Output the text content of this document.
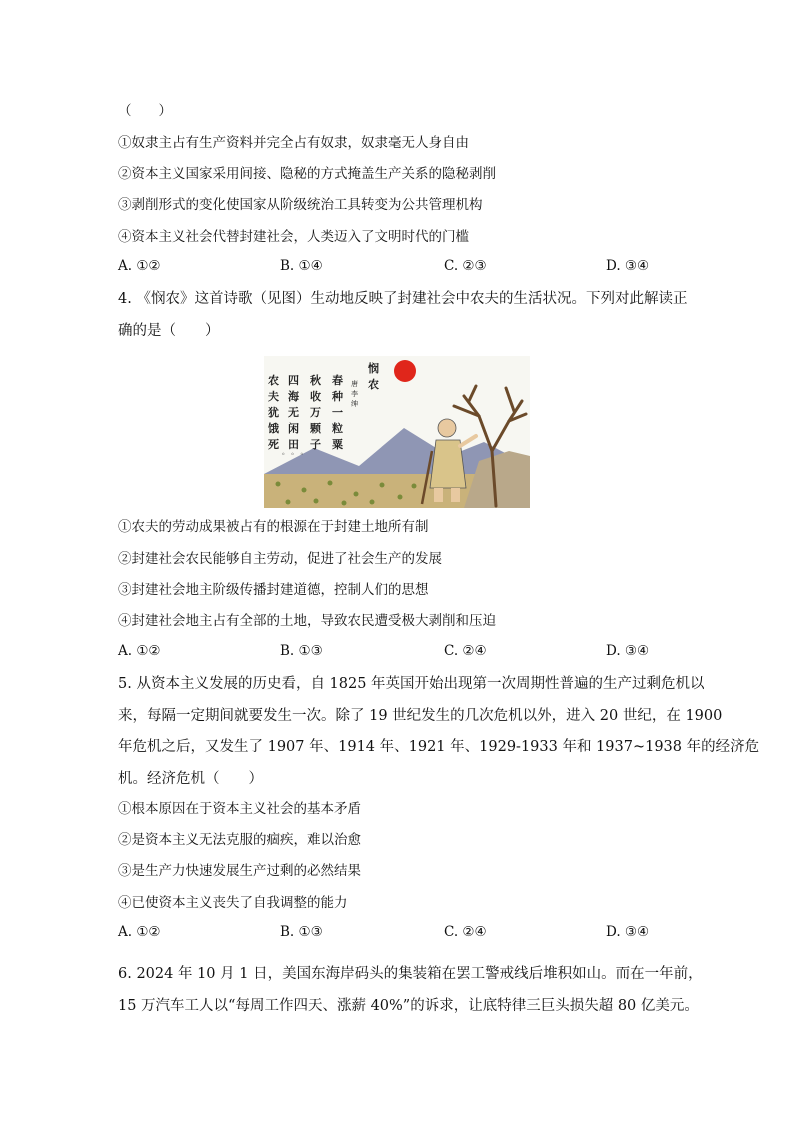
（　　）
①奴隶主占有生产资料并完全占有奴隶，奴隶毫无人身自由
②资本主义国家采用间接、隐秘的方式掩盖生产关系的隐秘剥削
③剥削形式的变化使国家从阶级统治工具转变为公共管理机构
④资本主义社会代替封建社会，人类迈入了文明时代的门槛
A. ①②	B. ①④	C. ②③	D. ③④
4. 《悯农》这首诗歌（见图）生动地反映了封建社会中农夫的生活状况。下列对此解读正
确的是（　　）
悯
农
唐
李
绅
春
种
一
粒
粟
秋
收
万
颗
子
四
海
无
闲
田
农
夫
犹
饿
死
。 。 。
①农夫的劳动成果被占有的根源在于封建土地所有制
②封建社会农民能够自主劳动，促进了社会生产的发展
③封建社会地主阶级传播封建道德，控制人们的思想
④封建社会地主占有全部的土地，导致农民遭受极大剥削和压迫
A. ①②	B. ①③	C. ②④	D. ③④
5. 从资本主义发展的历史看，自 1825 年英国开始出现第一次周期性普遍的生产过剩危机以
来，每隔一定期间就要发生一次。除了 19 世纪发生的几次危机以外，进入 20 世纪，在 1900
年危机之后，又发生了 1907 年、1914 年、1921 年、1929-1933 年和 1937~1938 年的经济危
机。经济危机（　　）
①根本原因在于资本主义社会的基本矛盾
②是资本主义无法克服的痼疾，难以治愈
③是生产力快速发展生产过剩的必然结果
④已使资本主义丧失了自我调整的能力
A. ①②	B. ①③	C. ②④	D. ③④
6. 2024 年 10 月 1 日，美国东海岸码头的集装箱在罢工警戒线后堆积如山。而在一年前，
15 万汽车工人以“每周工作四天、涨薪 40%”的诉求，让底特律三巨头损失超 80 亿美元。
